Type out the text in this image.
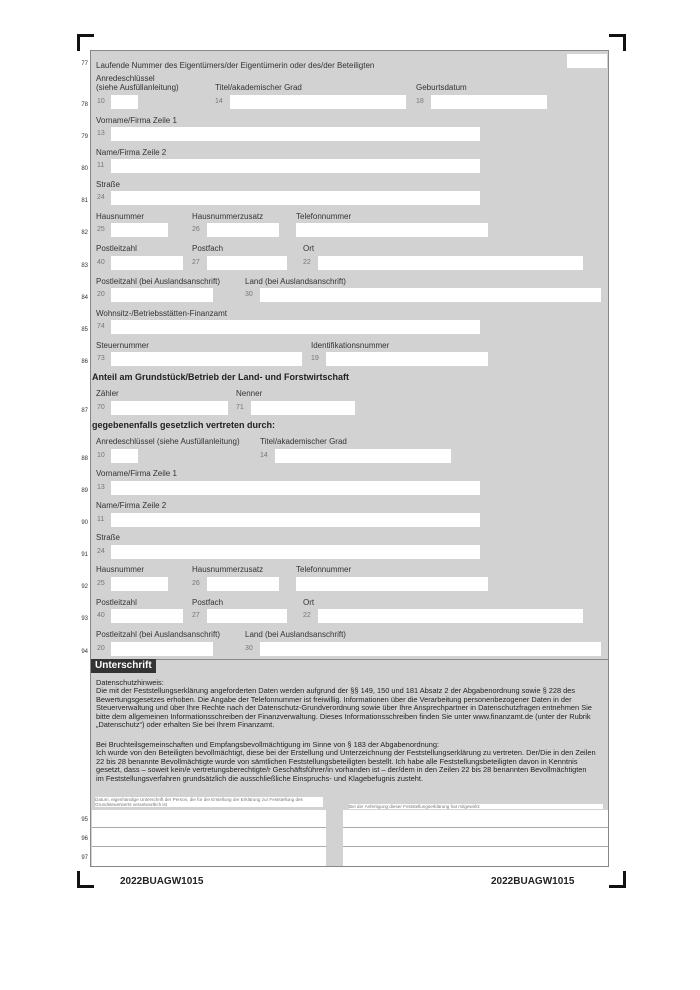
77 Laufende Nummer des Eigentümers/der Eigentümerin oder des/der Beteiligten
Anredeschlüssel
(siehe Ausfüllanleitung)	Titel/akademischer Grad	Geburtsdatum
78 10	14	18
Vorname/Firma Zeile 1
79 13
Name/Firma Zeile 2
80 11
Straße
81 24
Hausnummer	Hausnummerzusatz	Telefonnummer
82 25	26
Postleitzahl	Postfach	Ort
83 40	27	22
Postleitzahl (bei Auslandsanschrift)	Land (bei Auslandsanschrift)
84 20	30
Wohnsitz-/Betriebsstätten-Finanzamt
85 74
Steuernummer	Identifikationsnummer
86 73	19
Anteil am Grundstück/Betrieb der Land- und Forstwirtschaft
Zähler	Nenner
87 70	71
gegebenenfalls gesetzlich vertreten durch:
Anredeschlüssel (siehe Ausfüllanleitung)	Titel/akademischer Grad
88 10	14
Vorname/Firma Zeile 1
89 13
Name/Firma Zeile 2
90 11
Straße
91 24
Hausnummer	Hausnummerzusatz	Telefonnummer
92 25	26
Postleitzahl	Postfach	Ort
93 40	27	22
Postleitzahl (bei Auslandsanschrift)	Land (bei Auslandsanschrift)
94 20	30
Unterschrift
Datenschutzhinweis:
Die mit der Feststellungserklärung angeforderten Daten werden aufgrund der §§ 149, 150 und 181 Absatz 2 der Abgabenordnung sowie § 228 des Bewertungsgesetzes erhoben. Die Angabe der Telefonnummer ist freiwillig. Informationen über die Verarbeitung personenbezogener Daten in der Steuerverwaltung und über Ihre Rechte nach der Datenschutz-Grundverordnung sowie über Ihre Ansprechpartner in Datenschutzfragen entnehmen Sie bitte dem allgemeinen Informationsschreiben der Finanzverwaltung. Dieses Informationsschreiben finden Sie unter www.finanzamt.de (unter der Rubrik „Datenschutz“) oder erhalten Sie bei Ihrem Finanzamt.
Bei Bruchteilsgemeinschaften und Empfangsbevollmächtigung im Sinne von § 183 der Abgabenordnung:
Ich wurde von den Beteiligten bevollmächtigt, diese bei der Erstellung und Unterzeichnung der Feststellungserklärung zu vertreten. Der/Die in den Zeilen 22 bis 28 benannte Bevollmächtigte wurde von sämtlichen Feststellungsbeteiligten bestellt. Ich habe alle Feststellungsbeteiligten davon in Kenntnis gesetzt, dass – soweit kein/e vertretungsberechtigte/r Geschäftsführer/in vorhanden ist – der/dem in den Zeilen 22 bis 28 benannten Bevollmächtigten im Feststellungsverfahren grundsätzlich die ausschließliche Einspruchs- und Klagebefugnis zusteht.
Datum, eigenhändige Unterschrift der Person, die für die Erstellung der Erklärung zur Feststellung des Grundsteuerwerts verantwortlich ist	Bei der Anfertigung dieser Feststellungserklärung hat mitgewirkt:
95
96
97
2022BUAGW1015	2022BUAGW1015
